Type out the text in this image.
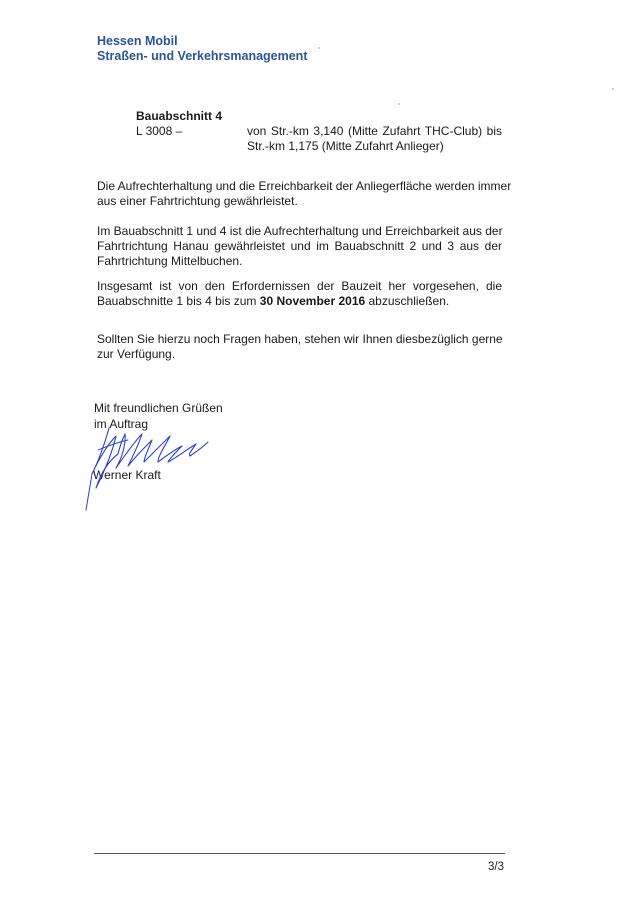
Hessen Mobil
Straßen- und Verkehrsmanagement
Bauabschnitt 4
L 3008 –	von Str.-km 3,140 (Mitte Zufahrt THC-Club) bis
Str.-km 1,175 (Mitte Zufahrt Anlieger)
Die Aufrechterhaltung und die Erreichbarkeit der Anliegerfläche werden immer
aus einer Fahrtrichtung gewährleistet.
Im Bauabschnitt 1 und 4 ist die Aufrechterhaltung und Erreichbarkeit aus der
Fahrtrichtung Hanau gewährleistet und im Bauabschnitt 2 und 3 aus der
Fahrtrichtung Mittelbuchen.
Insgesamt ist von den Erfordernissen der Bauzeit her vorgesehen, die
Bauabschnitte 1 bis 4 bis zum 30 November 2016 abzuschließen.
Sollten Sie hierzu noch Fragen haben, stehen wir Ihnen diesbezüglich gerne
zur Verfügung.
Mit freundlichen Grüßen
im Auftrag
Werner Kraft
3/3
